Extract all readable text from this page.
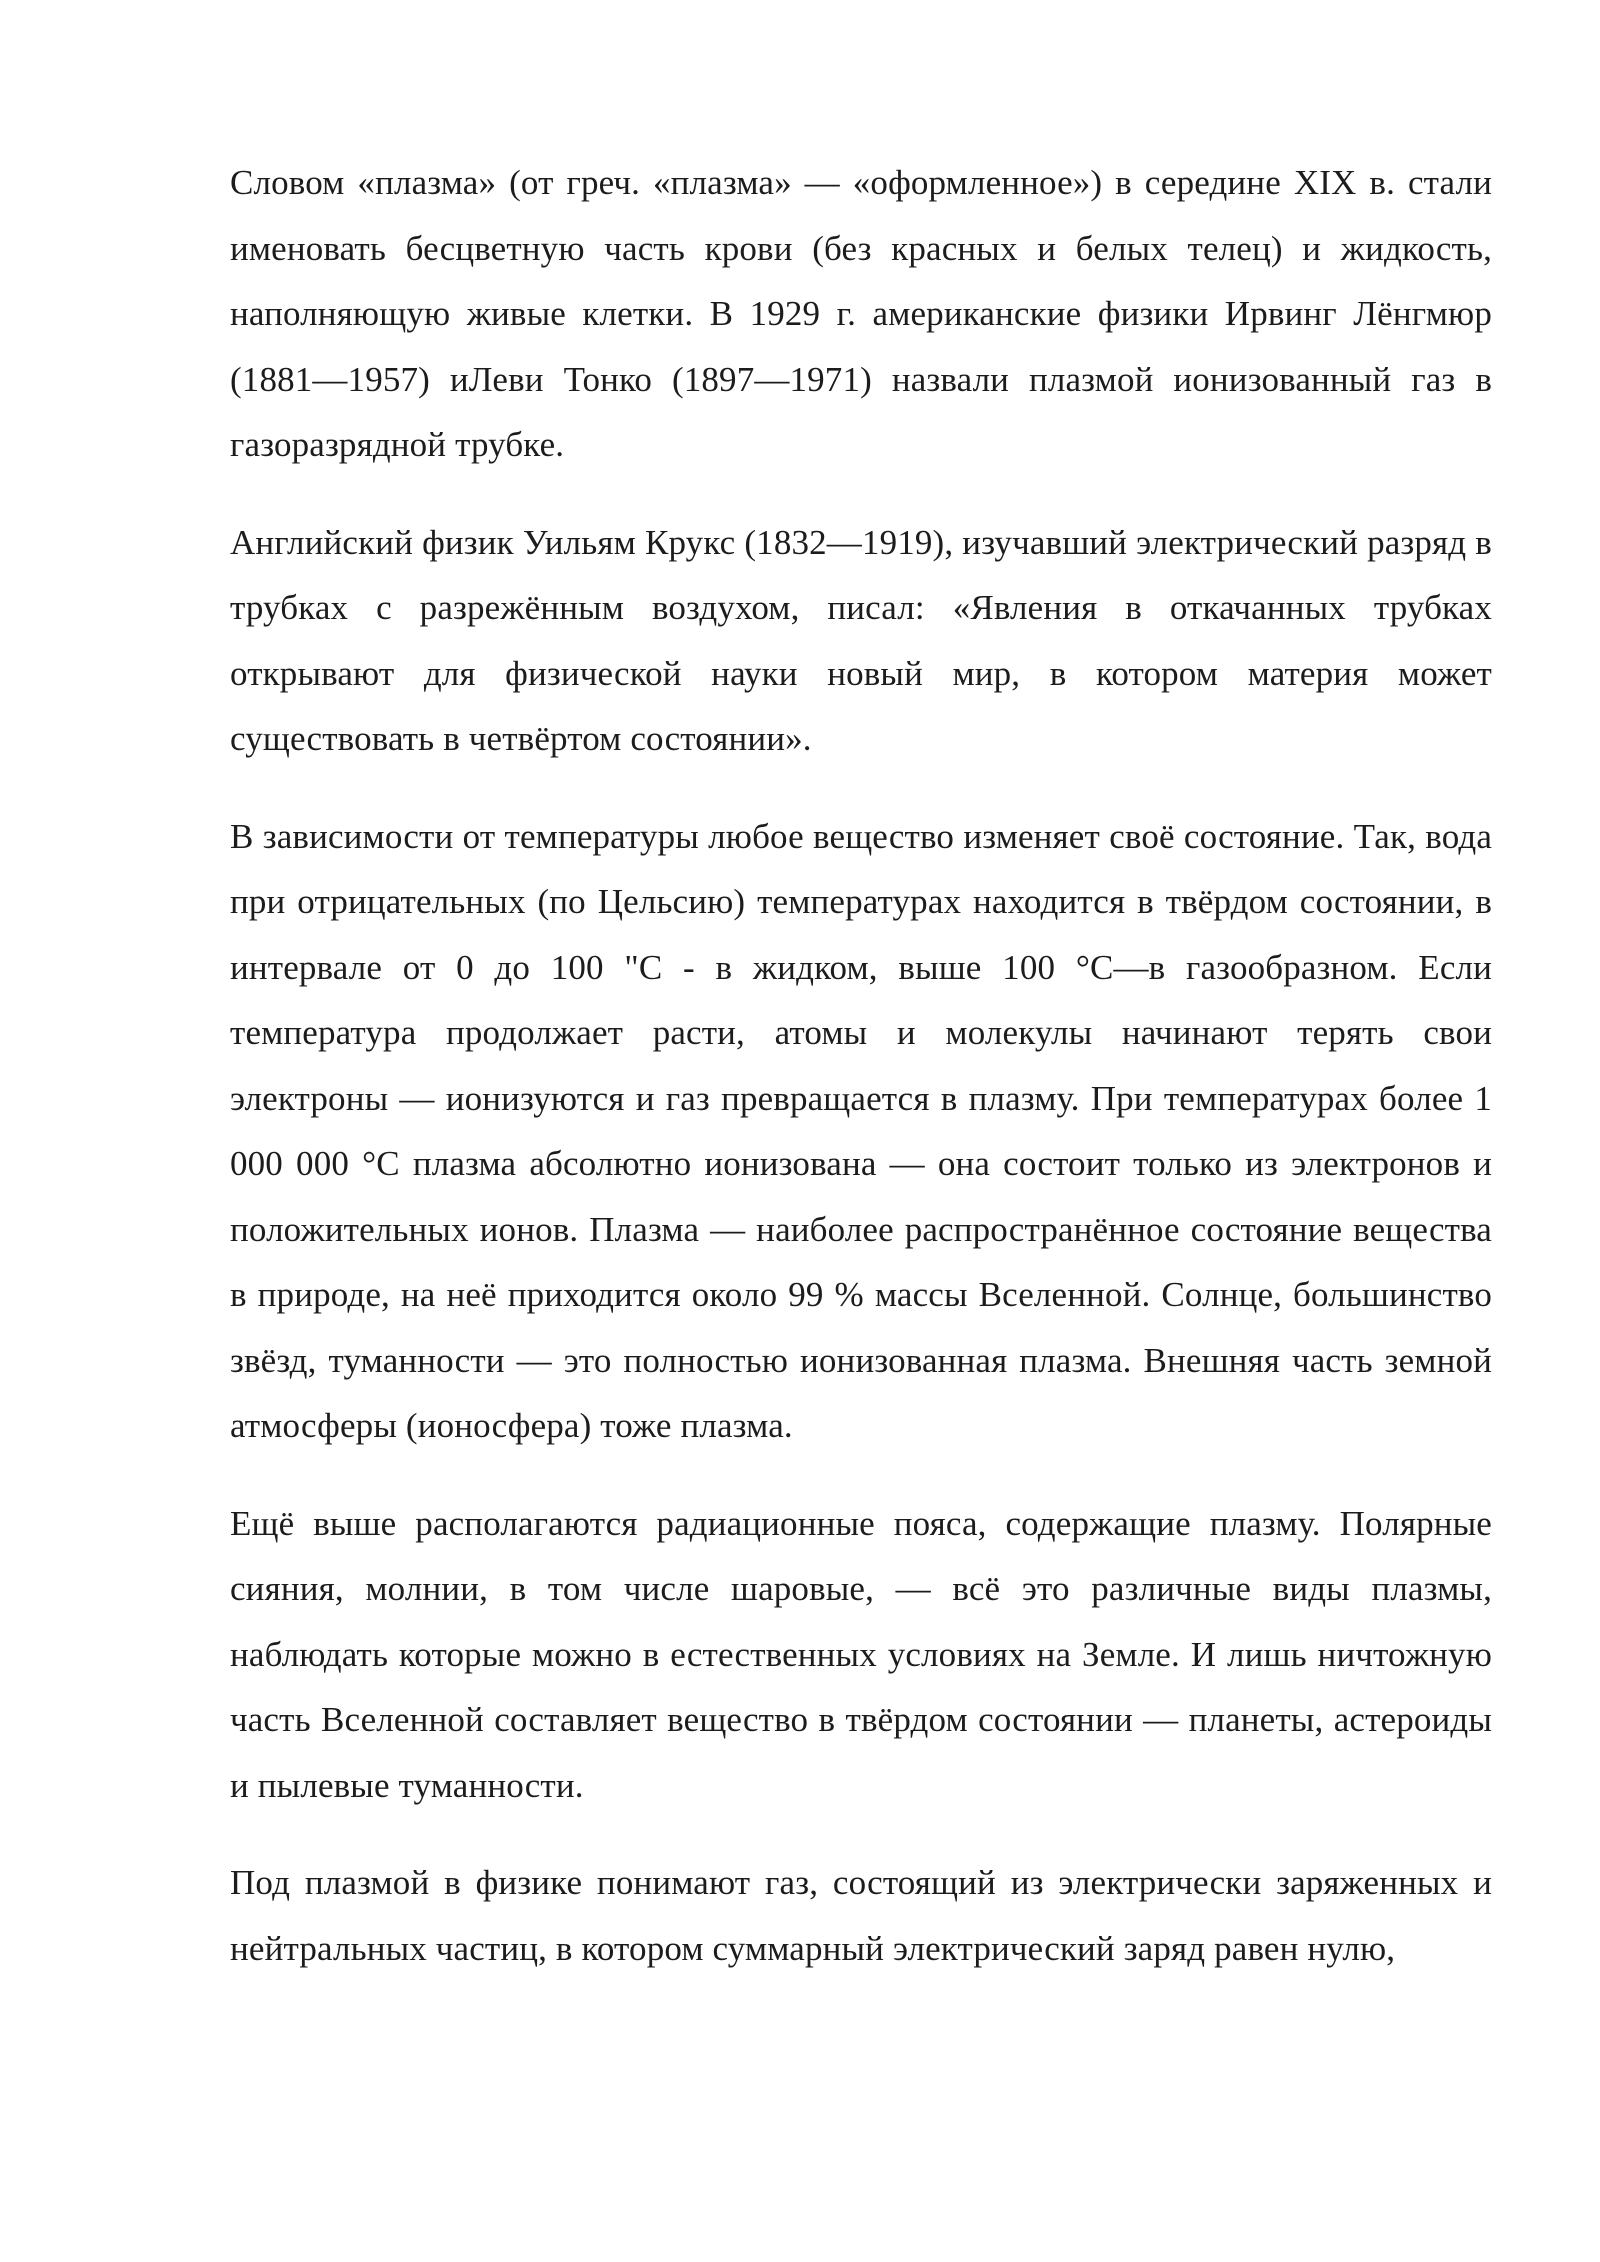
Словом «плазма» (от греч. «плазма» — «оформленное») в середине XIX в. стали именовать бесцветную часть крови (без красных и белых телец) и жидкость, наполняющую живые клетки. В 1929 г. американские физики Ирвинг Лёнгмюр (1881—1957) иЛеви Тонко (1897—1971) назвали плазмой ионизованный газ в газоразрядной трубке.

Английский физик Уильям Крукс (1832—1919), изучавший электрический разряд в трубках с разрежённым воздухом, писал: «Явления в откачанных трубках открывают для физической науки новый мир, в котором материя может существовать в четвёртом состоянии».

В зависимости от температуры любое вещество изменяет своё состояние. Так, вода при отрицательных (по Цельсию) температурах находится в твёрдом состоянии, в интервале от 0 до 100 "С - в жидком, выше 100 °С—в газообразном. Если температура продолжает расти, атомы и молекулы начинают терять свои электроны — ионизуются и газ превращается в плазму. При температурах более 1 000 000 °С плазма абсолютно ионизована — она состоит только из электронов и положительных ионов. Плазма — наиболее распространённое состояние вещества в природе, на неё приходится около 99 % массы Вселенной. Солнце, большинство звёзд, туманности — это полностью ионизованная плазма. Внешняя часть земной атмосферы (ионосфера) тоже плазма.

Ещё выше располагаются радиационные пояса, содержащие плазму. Полярные сияния, молнии, в том числе шаровые, — всё это различные виды плазмы, наблюдать которые можно в естественных условиях на Земле. И лишь ничтожную часть Вселенной составляет вещество в твёрдом состоянии — планеты, астероиды и пылевые туманности.

Под плазмой в физике понимают газ, состоящий из электрически заряженных и нейтральных частиц, в котором суммарный электрический заряд равен нулю,
